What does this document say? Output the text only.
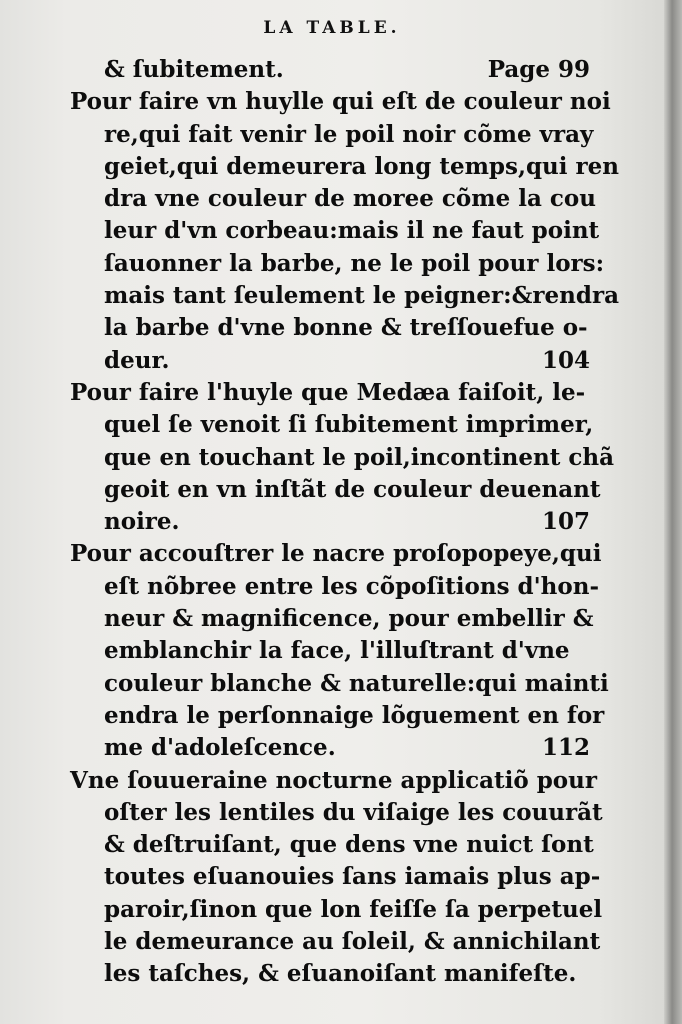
LA TABLE.
& ſubitement.	Page 99
Pour faire vn huylle qui eſt de couleur noi
re,qui fait venir le poil noir cõme vray
geiet,qui demeurera long temps,qui ren
dra vne couleur de moree cõme la cou
leur d'vn corbeau:mais il ne faut point
ſauonner la barbe, ne le poil pour lors:
mais tant ſeulement le peigner:&rendra
la barbe d'vne bonne & treſſouefue o-
deur.	104
Pour faire l'huyle que Medæa faiſoit, le-
quel ſe venoit ſi ſubitement imprimer,
que en touchant le poil,incontinent chã
geoit en vn inſtãt de couleur deuenant
noire.	107
Pour accouſtrer le nacre proſopopeye,qui
eſt nõbree entre les cõpoſitions d'hon-
neur & magnificence, pour embellir &
emblanchir la face, l'illuſtrant d'vne
couleur blanche & naturelle:qui mainti
endra le perſonnaige lõguement en for
me d'adoleſcence.	112
Vne ſouueraine nocturne applicatiõ pour
oſter les lentiles du viſaige les couurãt
& deſtruiſant, que dens vne nuict ſont
toutes eſuanouies ſans iamais plus ap-
paroir,ſinon que lon feiſſe ſa perpetuel
le demeurance au ſoleil, & annichilant
les taſches, & eſuanoiſant manifeſte.
